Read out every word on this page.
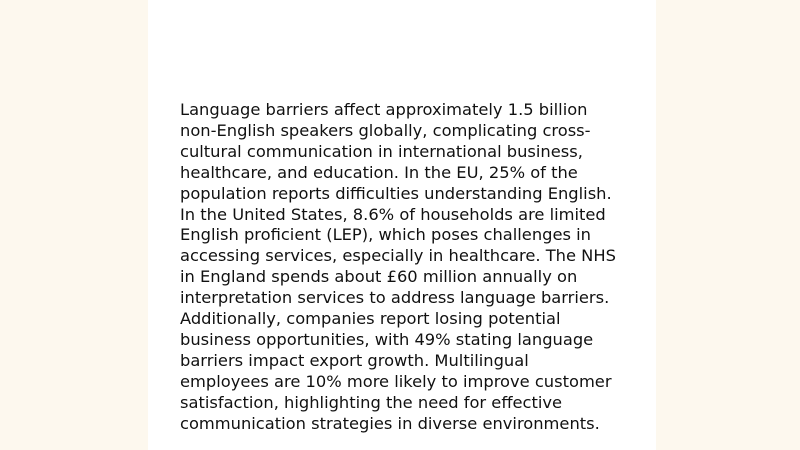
Language barriers affect approximately 1.5 billion
non-English speakers globally, complicating cross-
cultural communication in international business,
healthcare, and education. In the EU, 25% of the
population reports difficulties understanding English.
In the United States, 8.6% of households are limited
English proficient (LEP), which poses challenges in
accessing services, especially in healthcare. The NHS
in England spends about £60 million annually on
interpretation services to address language barriers.
Additionally, companies report losing potential
business opportunities, with 49% stating language
barriers impact export growth. Multilingual
employees are 10% more likely to improve customer
satisfaction, highlighting the need for effective
communication strategies in diverse environments.
